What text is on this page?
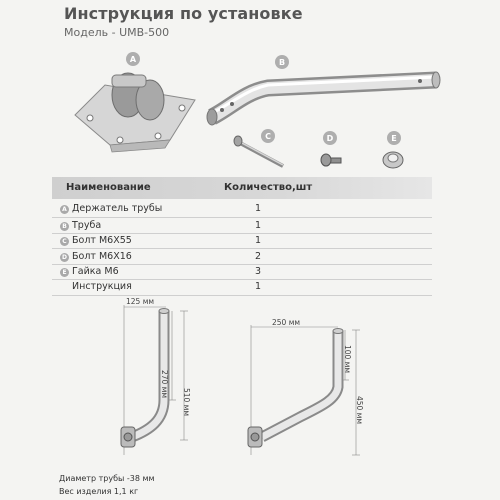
Инструкция по установке
Модель - UMB-500
A	B
C	D	E
Наименование	Количество,шт
A Держатель трубы	1
B Труба	1
C Болт M6X55	1
D Болт M6X16	2
E Гайка M6	3
Инструкция	1
125 мм
270 мм
510 мм
250 мм
100 мм
450 мм
Диаметр трубы -38 мм
Вес изделия 1,1 кг
